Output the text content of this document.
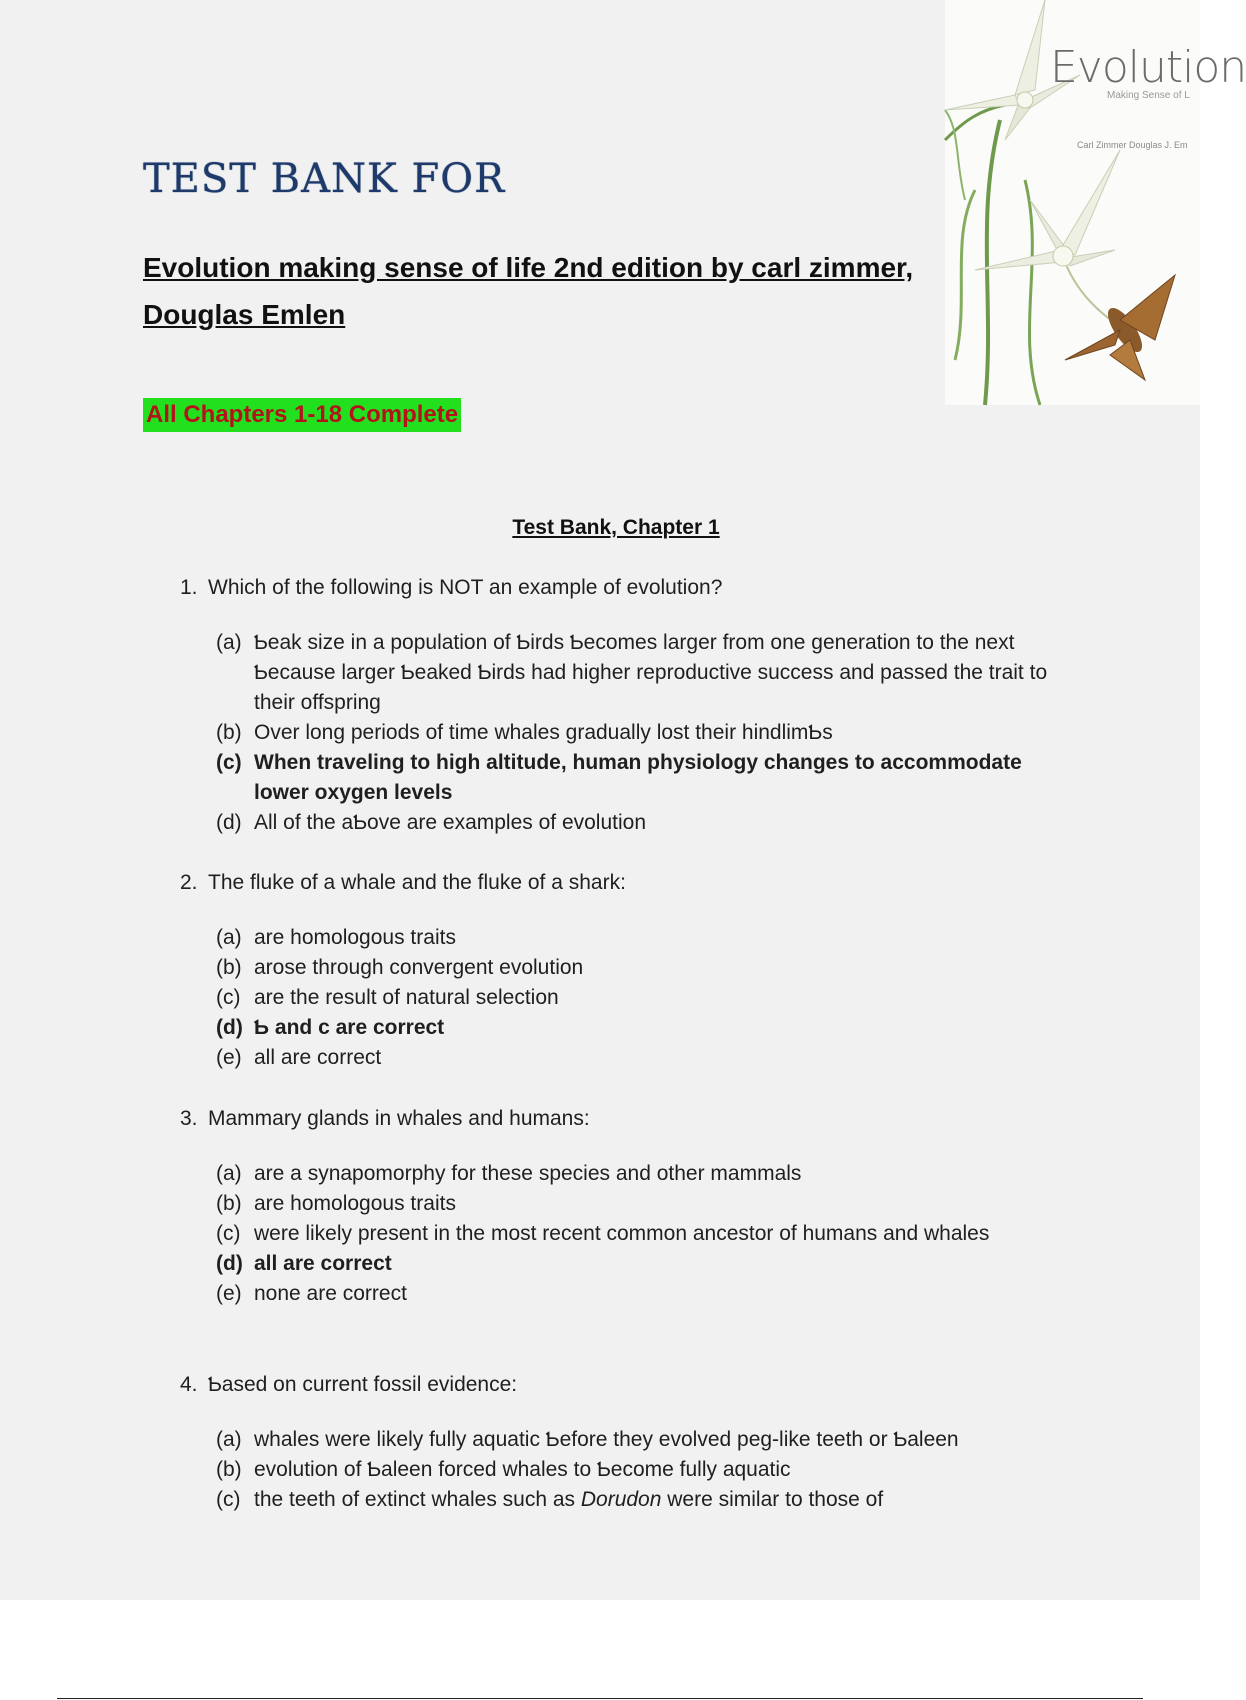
Evolution
Making Sense of L
Carl Zimmer Douglas J. Em
TEST BANK FOR
Evolution making sense of life 2nd edition by carl zimmer, Douglas Emlen
All Chapters 1-18 Complete
Test Bank, Chapter 1
1. Which of the following is NOT an example of evolution?
(a) Ƅeak size in a population of Ƅirds Ƅecomes larger from one generation to the next Ƅecause larger Ƅeaked Ƅirds had higher reproductive success and passed the trait to their offspring
(b) Over long periods of time whales gradually lost their hindlimƄs
(c) When traveling to high altitude, human physiology changes to accommodate lower oxygen levels
(d) All of the aƄove are examples of evolution
2. The fluke of a whale and the fluke of a shark:
(a) are homologous traits
(b) arose through convergent evolution
(c) are the result of natural selection
(d) Ƅ and c are correct
(e) all are correct
3. Mammary glands in whales and humans:
(a) are a synapomorphy for these species and other mammals
(b) are homologous traits
(c) were likely present in the most recent common ancestor of humans and whales
(d) all are correct
(e) none are correct
4. Ƅased on current fossil evidence:
(a) whales were likely fully aquatic Ƅefore they evolved peg-like teeth or Ƅaleen
(b) evolution of Ƅaleen forced whales to Ƅecome fully aquatic
(c) the teeth of extinct whales such as Dorudon were similar to those of
